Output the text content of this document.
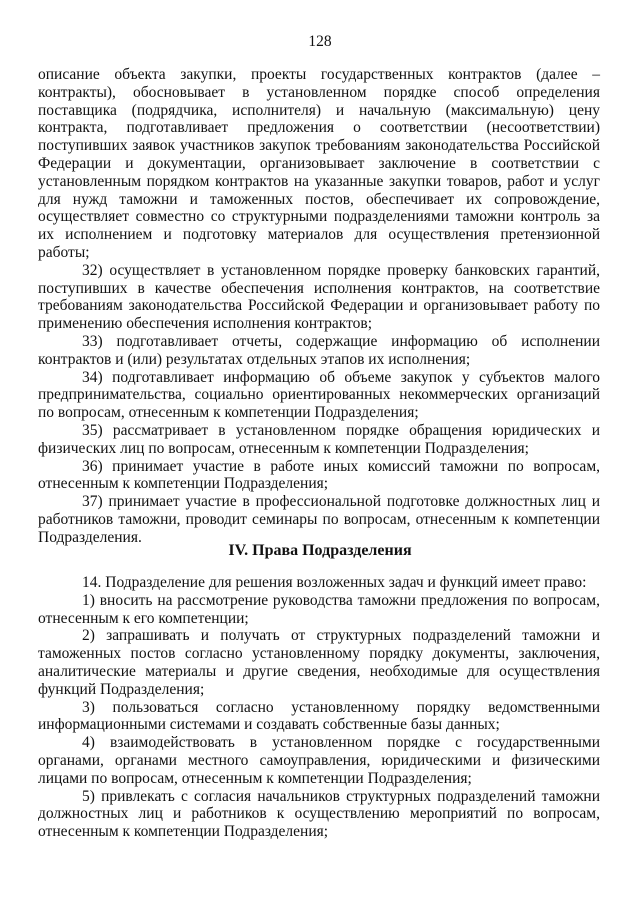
128

описание объекта закупки, проекты государственных контрактов (далее – контракты), обосновывает в установленном порядке способ определения поставщика (подрядчика, исполнителя) и начальную (максимальную) цену контракта, подготавливает предложения о соответствии (несоответствии) поступивших заявок участников закупок требованиям законодательства Российской Федерации и документации, организовывает заключение в соответствии с установленным порядком контрактов на указанные закупки товаров, работ и услуг для нужд таможни и таможенных постов, обеспечивает их сопровождение, осуществляет совместно со структурными подразделениями таможни контроль за их исполнением и подготовку материалов для осуществления претензионной работы;

32) осуществляет в установленном порядке проверку банковских гарантий, поступивших в качестве обеспечения исполнения контрактов, на соответствие требованиям законодательства Российской Федерации и организовывает работу по применению обеспечения исполнения контрактов;

33) подготавливает отчеты, содержащие информацию об исполнении контрактов и (или) результатах отдельных этапов их исполнения;

34) подготавливает информацию об объеме закупок у субъектов малого предпринимательства, социально ориентированных некоммерческих организаций по вопросам, отнесенным к компетенции Подразделения;

35) рассматривает в установленном порядке обращения юридических и физических лиц по вопросам, отнесенным к компетенции Подразделения;

36) принимает участие в работе иных комиссий таможни по вопросам, отнесенным к компетенции Подразделения;

37) принимает участие в профессиональной подготовке должностных лиц и работников таможни, проводит семинары по вопросам, отнесенным к компетенции Подразделения.

IV. Права Подразделения

14. Подразделение для решения возложенных задач и функций имеет право:

1) вносить на рассмотрение руководства таможни предложения по вопросам, отнесенным к его компетенции;

2) запрашивать и получать от структурных подразделений таможни и таможенных постов согласно установленному порядку документы, заключения, аналитические материалы и другие сведения, необходимые для осуществления функций Подразделения;

3) пользоваться согласно установленному порядку ведомственными информационными системами и создавать собственные базы данных;

4) взаимодействовать в установленном порядке с государственными органами, органами местного самоуправления, юридическими и физическими лицами по вопросам, отнесенным к компетенции Подразделения;

5) привлекать с согласия начальников структурных подразделений таможни должностных лиц и работников к осуществлению мероприятий по вопросам, отнесенным к компетенции Подразделения;
